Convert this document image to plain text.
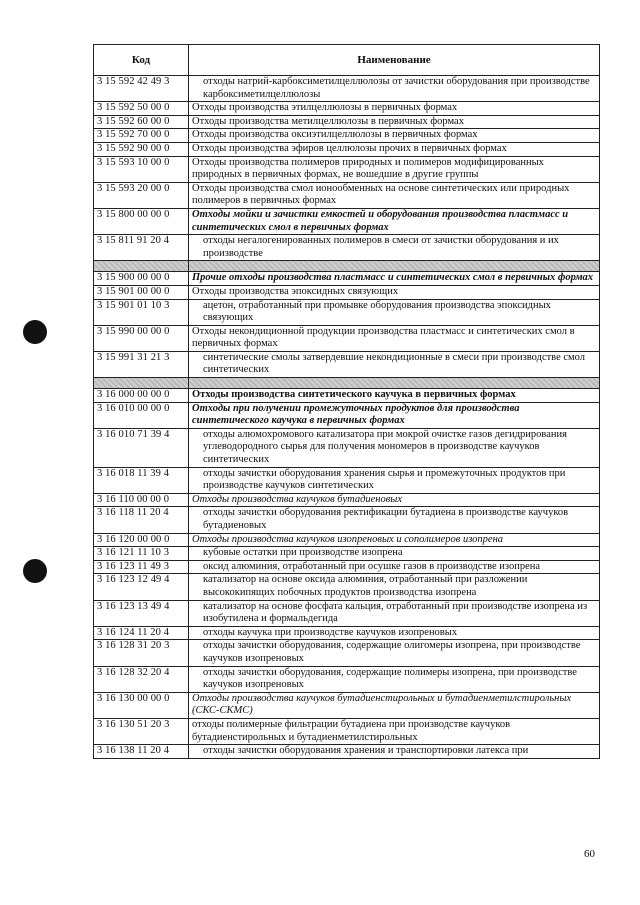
Код	Наименование
3 15 592 42 49 3	отходы натрий-карбоксиметилцеллюлозы от зачистки оборудования при производстве карбоксиметилцеллюлозы
3 15 592 50 00 0	Отходы производства этилцеллюлозы в первичных формах
3 15 592 60 00 0	Отходы производства метилцеллюлозы в первичных формах
3 15 592 70 00 0	Отходы производства оксиэтилцеллюлозы в первичных формах
3 15 592 90 00 0	Отходы производства эфиров целлюлозы прочих в первичных формах
3 15 593 10 00 0	Отходы производства полимеров природных и полимеров модифицированных природных в первичных формах, не вошедшие в другие группы
3 15 593 20 00 0	Отходы производства смол ионообменных на основе синтетических или природных полимеров в первичных формах
3 15 800 00 00 0	Отходы мойки и зачистки емкостей и оборудования производства пластмасс и синтетических смол в первичных формах
3 15 811 91 20 4	отходы негалогенированных полимеров в смеси от зачистки оборудования и их производстве

3 15 900 00 00 0	Прочие отходы производства пластмасс и синтетических смол в первичных формах
3 15 901 00 00 0	Отходы производства эпоксидных связующих
3 15 901 01 10 3	ацетон, отработанный при промывке оборудования производства эпоксидных связующих
3 15 990 00 00 0	Отходы некондиционной продукции производства пластмасс и синтетических смол в первичных формах
3 15 991 31 21 3	синтетические смолы затвердевшие некондиционные в смеси при производстве смол синтетических

3 16 000 00 00 0	Отходы производства синтетического каучука в первичных формах
3 16 010 00 00 0	Отходы при получении промежуточных продуктов для производства синтетического каучука в первичных формах
3 16 010 71 39 4	отходы алюмохромового катализатора при мокрой очистке газов дегидрирования углеводородного сырья для получения мономеров в производстве каучуков синтетических
3 16 018 11 39 4	отходы зачистки оборудования хранения сырья и промежуточных продуктов при производстве каучуков синтетических
3 16 110 00 00 0	Отходы производства каучуков бутадиеновых
3 16 118 11 20 4	отходы зачистки оборудования ректификации бутадиена в производстве каучуков бутадиеновых
3 16 120 00 00 0	Отходы производства каучуков изопреновых и сополимеров изопрена
3 16 121 11 10 3	кубовые остатки при производстве изопрена
3 16 123 11 49 3	оксид алюминия, отработанный при осушке газов в производстве изопрена
3 16 123 12 49 4	катализатор на основе оксида алюминия, отработанный при разложении высококипящих побочных продуктов производства изопрена
3 16 123 13 49 4	катализатор на основе фосфата кальция, отработанный при производстве изопрена из изобутилена и формальдегида
3 16 124 11 20 4	отходы каучука при производстве каучуков изопреновых
3 16 128 31 20 3	отходы зачистки оборудования, содержащие олигомеры изопрена, при производстве каучуков изопреновых
3 16 128 32 20 4	отходы зачистки оборудования, содержащие полимеры изопрена, при производстве каучуков изопреновых
3 16 130 00 00 0	Отходы производства каучуков бутадиенстирольных и бутадиенметилстирольных (СКС-СКМС)
3 16 130 51 20 3	отходы полимерные фильтрации бутадиена при производстве каучуков бутадиенстирольных и бутадиенметилстирольных
3 16 138 11 20 4	отходы зачистки оборудования хранения и транспортировки латекса при
60
